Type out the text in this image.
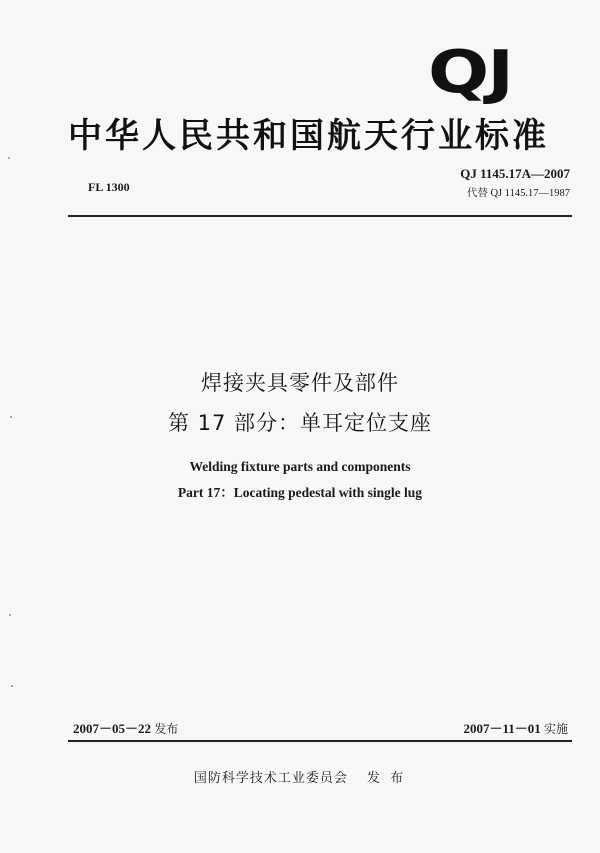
QJ
中华人民共和国航天行业标准
FL 1300
QJ 1145.17A—2007
代替 QJ 1145.17—1987
焊接夹具零件及部件
第 17 部分：单耳定位支座
Welding fixture parts and components
Part 17：Locating pedestal with single lug
2007－05－22 发布	2007－11－01 实施
国防科学技术工业委员会 发 布
